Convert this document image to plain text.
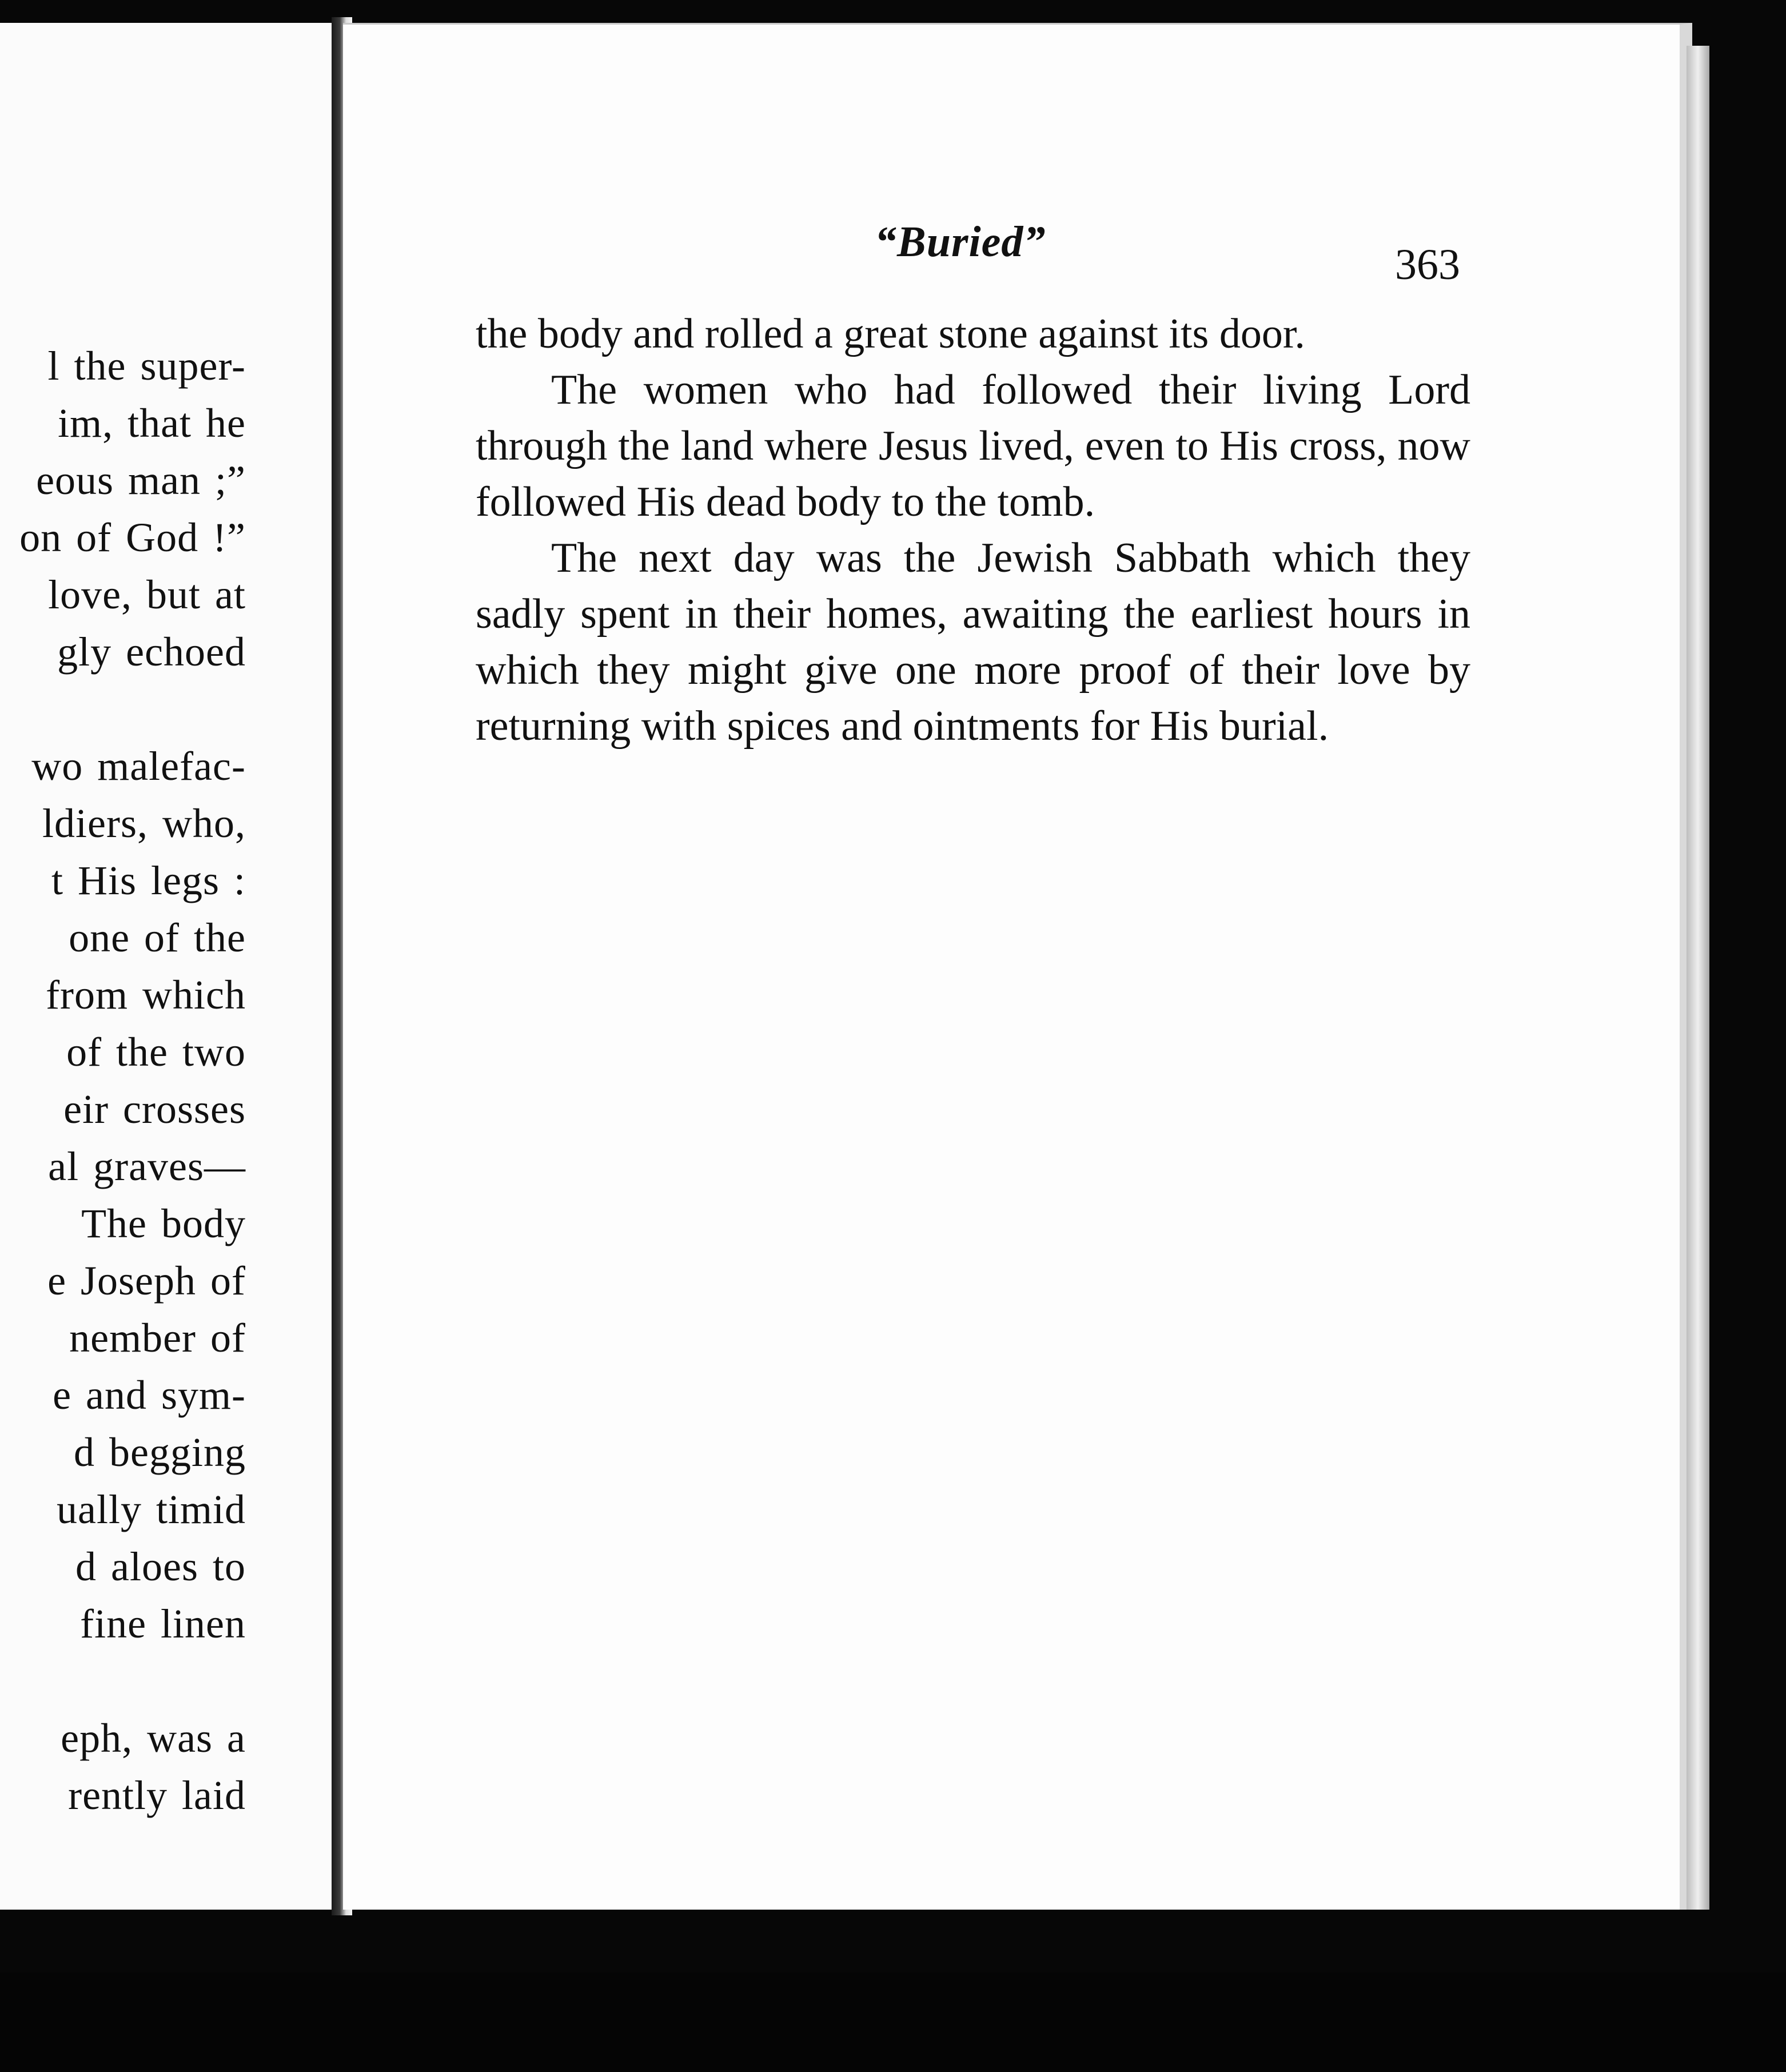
l the super-
im, that he
eous man ;”
on of God !”
love, but at
gly echoed
wo malefac-
ldiers, who,
t His legs :
one of the
from which
of the two
eir crosses
al graves—
The body
e Joseph of
nember of
e and sym-
d begging
ually timid
d aloes to
fine linen
eph, was a
rently laid
“Buried”	363

the body and rolled a great stone against its door.

The women who had followed their living Lord through the land where Jesus lived, even to His cross, now followed His dead body to the tomb.

The next day was the Jewish Sabbath which they sadly spent in their homes, awaiting the earliest hours in which they might give one more proof of their love by returning with spices and ointments for His burial.
